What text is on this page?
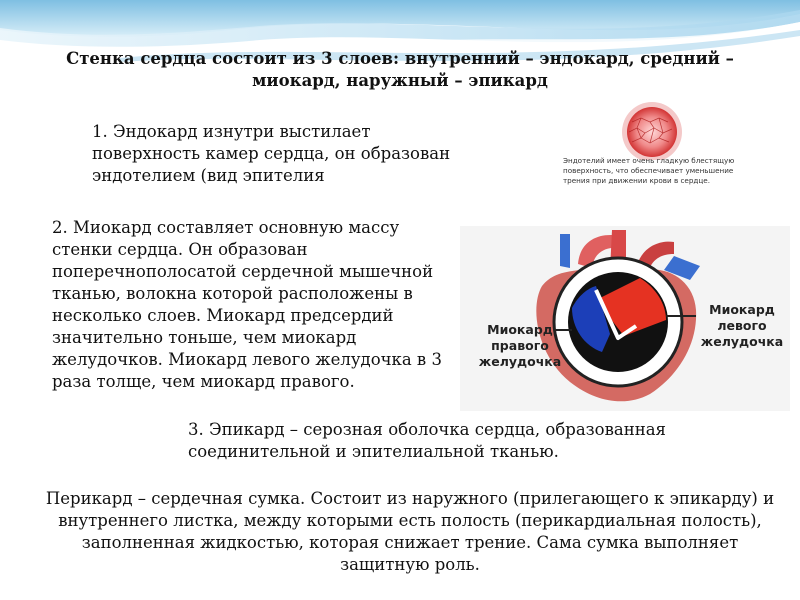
Стенка сердца состоит из 3 слоев: внутренний – эндокард, средний – миокард, наружный – эпикард
1. Эндокард изнутри выстилает поверхность камер сердца, он образован эндотелием (вид эпителия
Эндотелий имеет очень гладкую блестящую поверхность, что обеспечивает уменьшение трения при движении крови в сердце.
2. Миокард составляет основную массу стенки сердца. Он образован поперечнополосатой сердечной мышечной тканью, волокна которой расположены в несколько слоев. Миокард предсердий значительно тоньше, чем миокард желудочков. Миокард левого желудочка в 3 раза толще, чем миокард правого.
Миокард правого желудочка
Миокард левого желудочка
3. Эпикард – серозная оболочка сердца, образованная соединительной и эпителиальной тканью.
Перикард – сердечная сумка. Состоит из наружного (прилегающего к эпикарду) и внутреннего листка, между которыми есть полость (перикардиальная полость), заполненная жидкостью, которая снижает трение. Сама сумка выполняет защитную роль.
